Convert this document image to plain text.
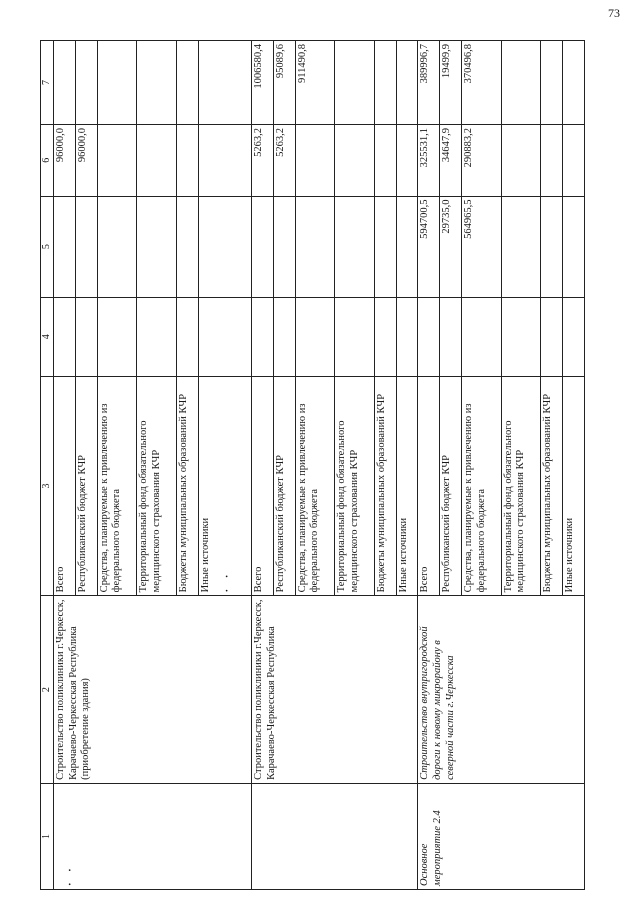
73
1	2	3	4	5	6	7

· ·	Строительство поликлиники г.Черкесск, Карачаево-Черкесская Республика (приобретение здания)	Всего			96000,0	
		Республиканский бюджет КЧР			96000,0	
		Средства, планируемые к привлечению из федерального бюджета				
		Территориальный фонд обязательного медицинского страхования КЧР				
		Бюджеты муниципальных образований КЧР				
		Иные источники · ·				

	Строительство поликлиники г.Черкесск, Карачаево-Черкесская Республика	Всего			5263,2	1006580,4
		Республиканский бюджет КЧР			5263,2	95089,6
		Средства, планируемые к привлечению из федерального бюджета				911490,8
		Территориальный фонд обязательного медицинского страхования КЧР				
		Бюджеты муниципальных образований КЧР				
		Иные источники				
Основное мероприятие 2.4	Строительство внутригородской дороги к новому микрорайону в северной части г.Черкесска	Всего		594700,5	325531,1	389996,7
		Республиканский бюджет КЧР		29735,0	34647,9	19499,9
		Средства, планируемые к привлечению из федерального бюджета		564965,5	290883,2	370496,8
		Территориальный фонд обязательного медицинского страхования КЧР				
		Бюджеты муниципальных образований КЧР				
		Иные источники				
